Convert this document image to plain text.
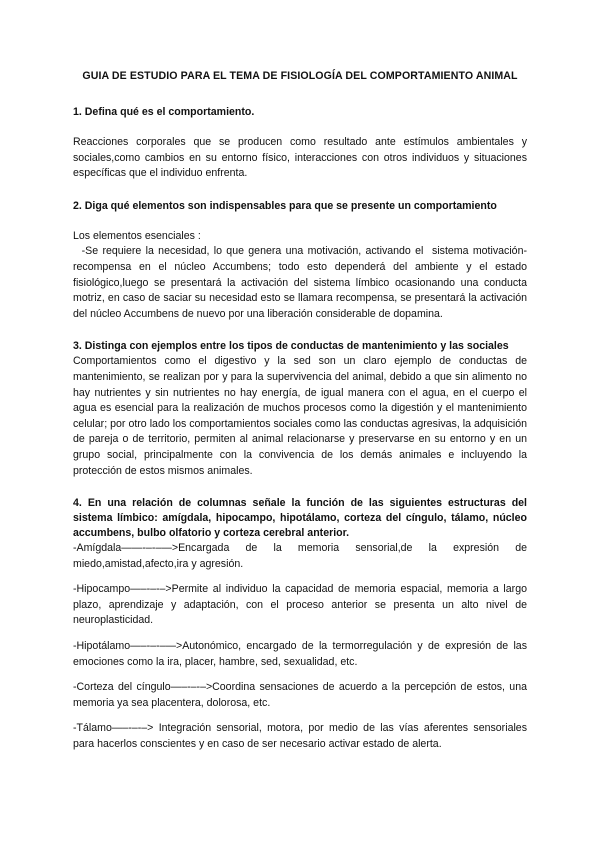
GUIA DE ESTUDIO PARA EL TEMA DE FISIOLOGÍA DEL COMPORTAMIENTO ANIMAL
1. Defina qué es el comportamiento.
Reacciones corporales que se producen como resultado ante estímulos ambientales y sociales,como cambios en su entorno físico, interacciones con otros individuos y situaciones específicas que el individuo enfrenta.
2. Diga qué elementos son indispensables para que se presente un comportamiento
Los elementos esenciales :
-Se requiere la necesidad, lo que genera una motivación, activando el  sistema motivación-recompensa en el núcleo Accumbens; todo esto dependerá del ambiente y el estado fisiológico,luego se presentará la activación del sistema límbico ocasionando una conducta motriz, en caso de saciar su necesidad esto se llamara recompensa, se presentará la activación del núcleo Accumbens de nuevo por una liberación considerable de dopamina.
3. Distinga con ejemplos entre los tipos de conductas de mantenimiento y las sociales
Comportamientos como el digestivo y la sed son un claro ejemplo de conductas de mantenimiento, se realizan por y para la supervivencia del animal, debido a que sin alimento no hay nutrientes y sin nutrientes no hay energía, de igual manera con el agua, en el cuerpo el agua es esencial para la realización de muchos procesos como la digestión y el mantenimiento celular; por otro lado los comportamientos sociales como las conductas agresivas, la adquisición de pareja o de territorio, permiten al animal relacionarse y preservarse en su entorno y en un grupo social, principalmente con la convivencia de los demás animales e incluyendo la protección de estos mismos animales.
4. En una relación de columnas señale la función de las siguientes estructuras del sistema límbico: amígdala, hipocampo, hipotálamo, corteza del cíngulo, tálamo, núcleo accumbens, bulbo olfatorio y corteza cerebral anterior.
-Amígdala——-–-–—>Encargada de la memoria sensorial,de la expresión de miedo,amistad,afecto,ira y agresión.
-Hipocampo—–-–-–>Permite al individuo la capacidad de memoria espacial, memoria a largo plazo, aprendizaje y adaptación, con el proceso anterior se presenta un alto nivel de neuroplasticidad.
-Hipotálamo—–-–-–—>Autonómico, encargado de la termorregulación y de expresión de las emociones como la ira, placer, hambre, sed, sexualidad, etc.
-Corteza del cíngulo—–-–-–>Coordina sensaciones de acuerdo a la percepción de estos, una memoria ya sea placentera, dolorosa, etc.
-Tálamo—–-–-–> Integración sensorial, motora, por medio de las vías aferentes sensoriales para hacerlos conscientes y en caso de ser necesario activar estado de alerta.
